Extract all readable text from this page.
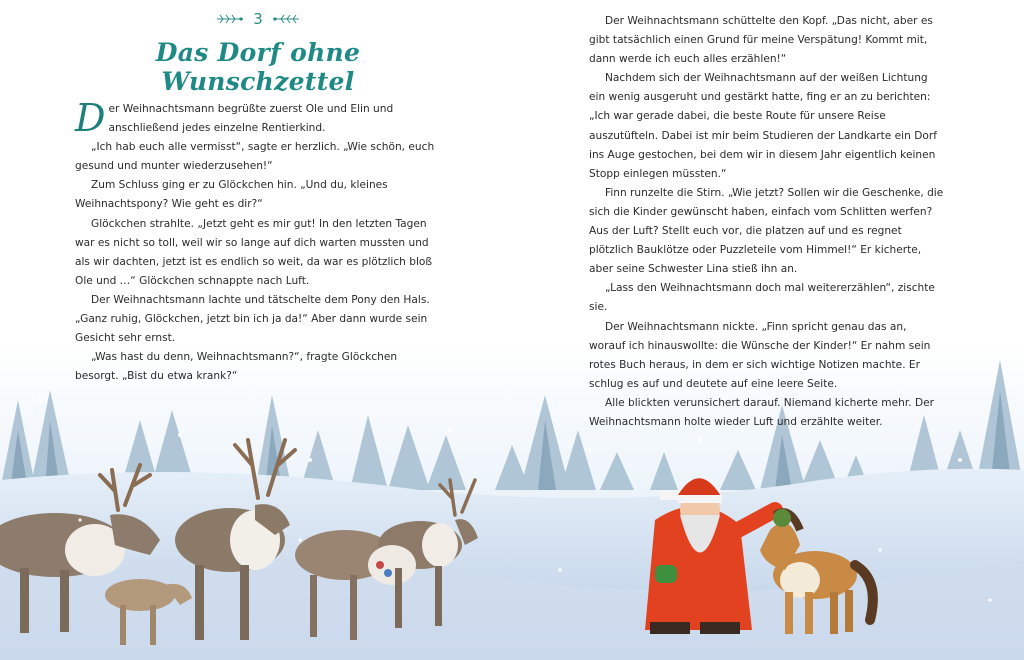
3
Das Dorf ohne Wunschzettel

Der Weihnachtsmann begrüßte zuerst Ole und Elin und anschließend jedes einzelne Rentierkind.

„Ich hab euch alle vermisst“, sagte er herzlich. „Wie schön, euch gesund und munter wiederzusehen!“

Zum Schluss ging er zu Glöckchen hin. „Und du, kleines Weihnachtspony? Wie geht es dir?“

Glöckchen strahlte. „Jetzt geht es mir gut! In den letzten Tagen war es nicht so toll, weil wir so lange auf dich warten mussten und als wir dachten, jetzt ist es endlich so weit, da war es plötzlich bloß Ole und …“ Glöckchen schnappte nach Luft.

Der Weihnachtsmann lachte und tätschelte dem Pony den Hals. „Ganz ruhig, Glöckchen, jetzt bin ich ja da!“ Aber dann wurde sein Gesicht sehr ernst.

„Was hast du denn, Weihnachtsmann?“, fragte Glöckchen besorgt. „Bist du etwa krank?“

Der Weihnachtsmann schüttelte den Kopf. „Das nicht, aber es gibt tatsächlich einen Grund für meine Verspätung! Kommt mit, dann werde ich euch alles erzählen!“

Nachdem sich der Weihnachtsmann auf der weißen Lichtung ein wenig ausgeruht und gestärkt hatte, fing er an zu berichten: „Ich war gerade dabei, die beste Route für unsere Reise auszutüfteln. Dabei ist mir beim Studieren der Landkarte ein Dorf ins Auge gestochen, bei dem wir in diesem Jahr eigentlich keinen Stopp einlegen müssten.“

Finn runzelte die Stirn. „Wie jetzt? Sollen wir die Geschenke, die sich die Kinder gewünscht haben, einfach vom Schlitten werfen? Aus der Luft? Stellt euch vor, die platzen auf und es regnet plötzlich Bauklötze oder Puzzleteile vom Himmel!“ Er kicherte, aber seine Schwester Lina stieß ihn an.

„Lass den Weihnachtsmann doch mal weitererzählen“, zischte sie.

Der Weihnachtsmann nickte. „Finn spricht genau das an, worauf ich hinauswollte: die Wünsche der Kinder!“ Er nahm sein rotes Buch heraus, in dem er sich wichtige Notizen machte. Er schlug es auf und deutete auf eine leere Seite.

Alle blickten verunsichert darauf. Niemand kicherte mehr. Der Weihnachtsmann holte wieder Luft und erzählte weiter.
